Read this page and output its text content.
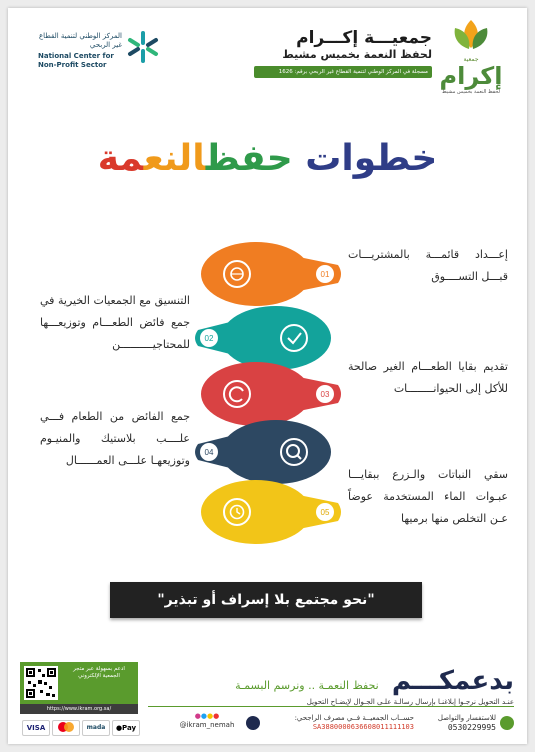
جمعية
إكرام
لحفظ النعمة بخميس مشيط
جمعيـــة إكـــرام
لحفظ النعمة بخميس مشيط
مسجلة في المركز الوطني لتنمية القطاع غير الربحي برقم: 1626
المركز الوطني لتنمية القطاع غير الربحي
National Center for Non-Profit Sector
خطوات حفظالنعمة
01
02
03
04
05
إعـــداد قائمـــة بالمشتريـــات قبـــل التســــوق
التنسيق مع الجمعيات الخيرية في جمع فائض الطعـــام وتوزيعـــها للمحتاجيــــــــــن
تقديم بقايا الطعـــام الغير صالحة للأكل إلى الحيوانــــــــات
جمع الفائض من الطعام فـــي علــــب بلاستيك والمنيـوم وتوزيعهـا علـــى العمــــــال
سقي النباتات والـزرع ببقايـــا عبـوات الماء المستخدمة عوضاً عـن التخلص منها برميها
"نحو مجتمع بلا إسراف أو تبذير"
ادعم بسهولة عبر متجر الجمعية الإلكتروني
https://www.ikram.org.sa/
VISA	mada	●Pay
بدعمكـــم نحفظ النعمـة .. ونرسم البسمـة
عنـد التحويل نرجـوا إبلاغنـا بإرسال رسالـة علـى الجـوال لإيضـاح التحويل
للاستفسار والتواصل
0530229995
حســاب الجمعيــة فــي مصرف الراجحي:
SA3880000636608011111103
●●●●
@ikram_nemah
